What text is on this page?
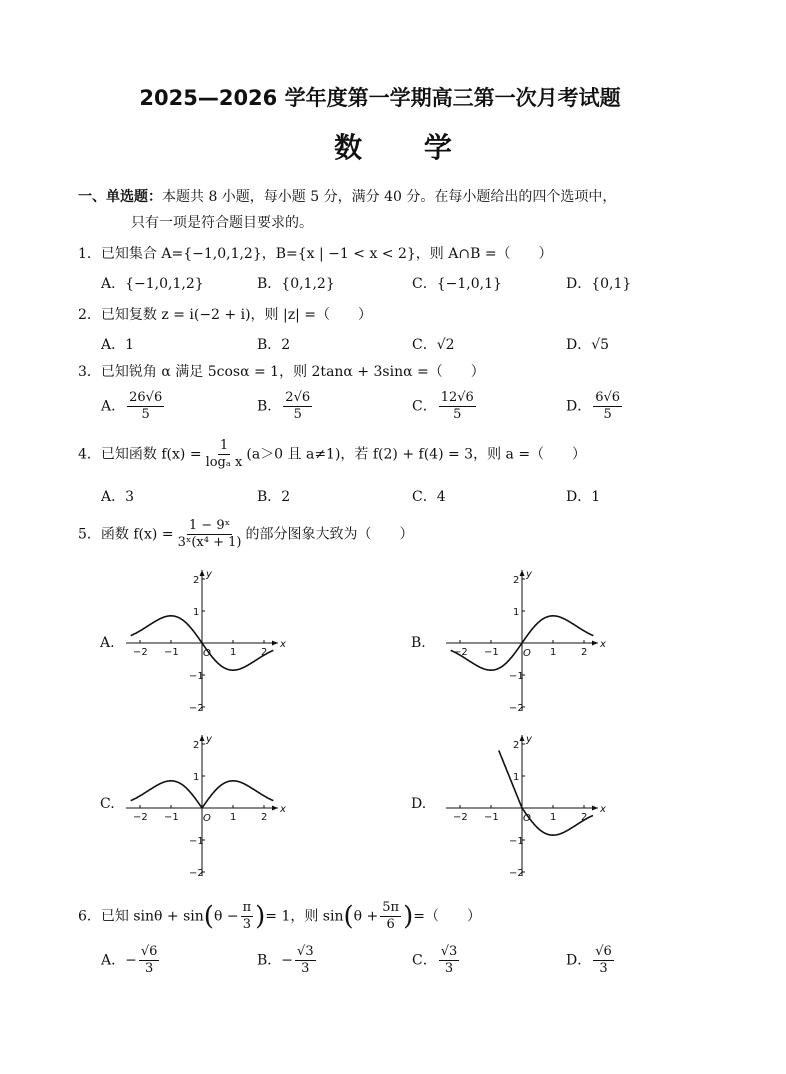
2025—2026 学年度第一学期高三第一次月考试题
数 学
一、单选题：本题共 8 小题，每小题 5 分，满分 40 分。在每小题给出的四个选项中，
只有一项是符合题目要求的。
1．已知集合 A={−1,0,1,2}，B={x | −1 < x < 2}，则 A∩B =（　　）
A．{−1,0,1,2}	B．{0,1,2}	C．{−1,0,1}	D．{0,1}
2．已知复数 z = i(−2 + i)，则 |z| =（　　）
A．1	B．2	C．√2	D．√5
3．已知锐角 α 满足 5cosα = 1，则 2tanα + 3sinα =（　　）
A． $\frac{26√6}{5}$	B． $\frac{2√6}{5}$	C． $\frac{12√6}{5}$	D． $\frac{6√6}{5}$
4．已知函数 $f(x) = \frac{1}{\text{logₐ x}} (a>0$ 且 a≠1)，若 f(2) + f(4) = 3，则 a =（　　）
A．3	B．2	C．4	D．1
5．函数 $f(x) = \frac{\text{1 − 9ˣ}}{\text{3ˣ(x⁴ + 1)}}$ 的部分图象大致为（　　）
A.	B.
C.	D.
−2 −1	1 2
2
1
−1
−2
O
x
y
−2 −1	1 2
2
1
−1
−2
O
x
y
−2 −1	1 2
2
1
−1
−2
O
x
y
−2 −1	1 2
2
1
−1
−2
O
x
y
6．已知 $\sin\theta + \sin(\theta - \frac{\pi}{3}$ )= 1，则 $\sin(\theta + \frac{5\pi}{6}$ )=（　　）
A．− $\frac{√6}{3}$	B．− $\frac{√3}{3}$	C． $\frac{√3}{3}$	D． $\frac{√6}{3}$
